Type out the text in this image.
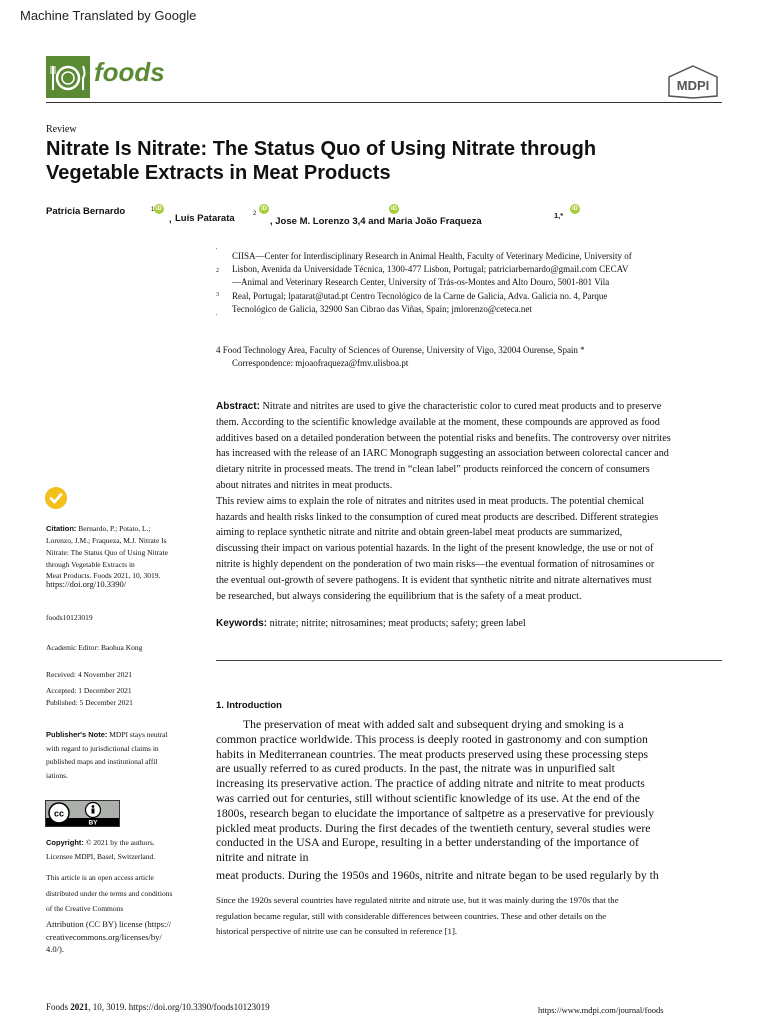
Machine Translated by Google
foods	MDPI
Review
Nitrate Is Nitrate: The Status Quo of Using Nitrate through
Vegetable Extracts in Meat Products
Patricia Bernardo	1 iD
, Luís Patarata	2
iD
, Jose M. Lorenzo 3,4 and Maria João Fraqueza
iD
1,*
iD
'
2
3
'
CIISA—Center for Interdisciplinary Research in Animal Health, Faculty of Veterinary Medicine, University of
Lisbon, Avenida da Universidade Técnica, 1300-477 Lisbon, Portugal; patriciarbernardo@gmail.com CECAV
—Animal and Veterinary Research Center, University of Trás-os-Montes and Alto Douro, 5001-801 Vila
Real, Portugal; lpatarat@utad.pt Centro Tecnológico de la Carne de Galicia, Adva. Galicia no. 4, Parque
Tecnológico de Galicia, 32900 San Cibrao das Viñas, Spain; jmlorenzo@ceteca.net
4 Food Technology Area, Faculty of Sciences of Ourense, University of Vigo, 32004 Ourense, Spain *
Correspondence: mjoaofraqueza@fmv.ulisboa.pt
Abstract: Nitrate and nitrites are used to give the characteristic color to cured meat products and to preserve
them. According to the scientific knowledge available at the moment, these compounds are approved as food
additives based on a detailed ponderation between the potential risks and benefits. The controversy over nitrites
has increased with the release of an IARC Monograph suggesting an association between colorectal cancer and
dietary nitrite in processed meats. The trend in “clean label” products reinforced the concern of consumers
about nitrates and nitrites in meat products.
This review aims to explain the role of nitrates and nitrites used in meat products. The potential chemical
hazards and health risks linked to the consumption of cured meat products are described. Different strategies
aiming to replace synthetic nitrate and nitrite and obtain green-label meat products are summarized,
discussing their impact on various potential hazards. In the light of the present knowledge, the use or not of
nitrite is highly dependent on the ponderation of two main risks—the eventual formation of nitrosamines or
the eventual out-growth of severe pathogens. It is evident that synthetic nitrite and nitrate alternatives must
be researched, but always considering the equilibrium that is the safety of a meat product.
Keywords: nitrate; nitrite; nitrosamines; meat products; safety; green label
Citation: Bernardo, P.; Potato, L.;
Lorenzo, J.M.; Fraqueza, M.J. Nitrate Is
Nitrate: The Status Quo of Using Nitrate
through Vegetable Extracts in
Meat Products. Foods 2021, 10, 3019.
https://doi.org/10.3390/
foods10123019
Academic Editor: Baohua Kong
Received: 4 November 2021
Accepted: 1 December 2021
Published: 5 December 2021
Publisher's Note: MDPI stays neutral
with regard to jurisdictional claims in
published maps and institutional affil
iations.
cc
BY
Copyright: © 2021 by the authors.
Licensee MDPI, Basel, Switzerland.
This article is an open access article
distributed under the terms and conditions
of the Creative Commons
Attribution (CC BY) license (https://
creativecommons.org/licenses/by/
4.0/).
1. Introduction
The preservation of meat with added salt and subsequent drying and smoking is a
common practice worldwide. This process is deeply rooted in gastronomy and con sumption
habits in Mediterranean countries. The meat products preserved using these processing steps
are usually referred to as cured products. In the past, the nitrate was in unpurified salt
increasing its preservative action. The practice of adding nitrate and nitrite to meat products
was carried out for centuries, still without scientific knowledge of its use. At the end of the
1800s, research began to elucidate the importance of saltpetre as a preservative for previously
pickled meat products. During the first decades of the twentieth century, several studies were
conducted in the USA and Europe, resulting in a better understanding of the importance of
nitrite and nitrate in
meat products. During the 1950s and 1960s, nitrite and nitrate began to be used regularly by th
Since the 1920s several countries have regulated nitrite and nitrate use, but it was mainly during the 1970s that the
regulation became regular, still with considerable differences between countries. These and other details on the
historical perspective of nitrite use can be consulted in reference [1].
Foods 2021, 10, 3019. https://doi.org/10.3390/foods10123019	https://www.mdpi.com/journal/foods
